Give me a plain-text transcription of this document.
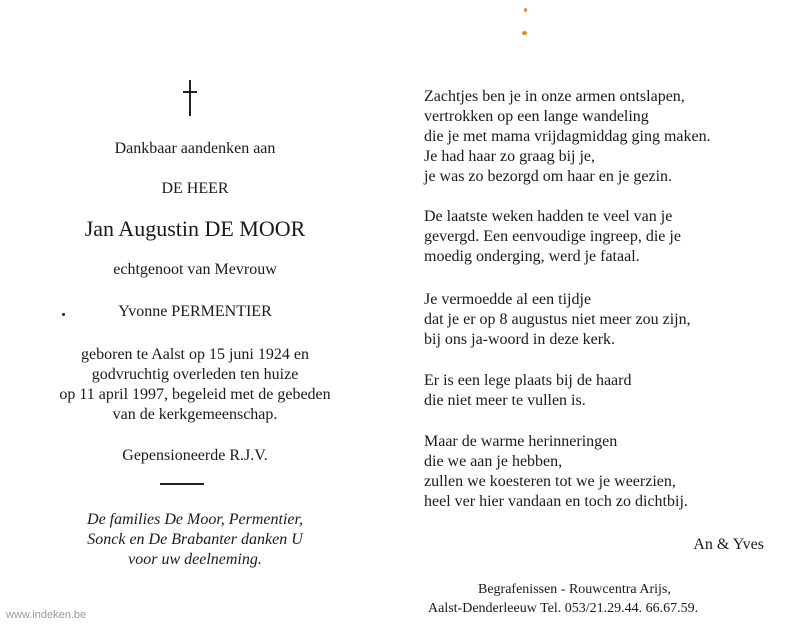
Dankbaar aandenken aan
DE HEER
Jan Augustin DE MOOR
echtgenoot van Mevrouw
Yvonne PERMENTIER
geboren te Aalst op 15 juni 1924 en
godvruchtig overleden ten huize
op 11 april 1997, begeleid met de gebeden
van de kerkgemeenschap.
Gepensioneerde R.J.V.
De families De Moor, Permentier,
Sonck en De Brabanter danken U
voor uw deelneming.
Zachtjes ben je in onze armen ontslapen,
vertrokken op een lange wandeling
die je met mama vrijdagmiddag ging maken.
Je had haar zo graag bij je,
je was zo bezorgd om haar en je gezin.
De laatste weken hadden te veel van je
gevergd. Een eenvoudige ingreep, die je
moedig onderging, werd je fataal.
Je vermoedde al een tijdje
dat je er op 8 augustus niet meer zou zijn,
bij ons ja-woord in deze kerk.
Er is een lege plaats bij de haard
die niet meer te vullen is.
Maar de warme herinneringen
die we aan je hebben,
zullen we koesteren tot we je weerzien,
heel ver hier vandaan en toch zo dichtbij.
An & Yves
Begrafenissen - Rouwcentra Arijs,
Aalst-Denderleeuw Tel. 053/21.29.44. 66.67.59.
www.indeken.be
